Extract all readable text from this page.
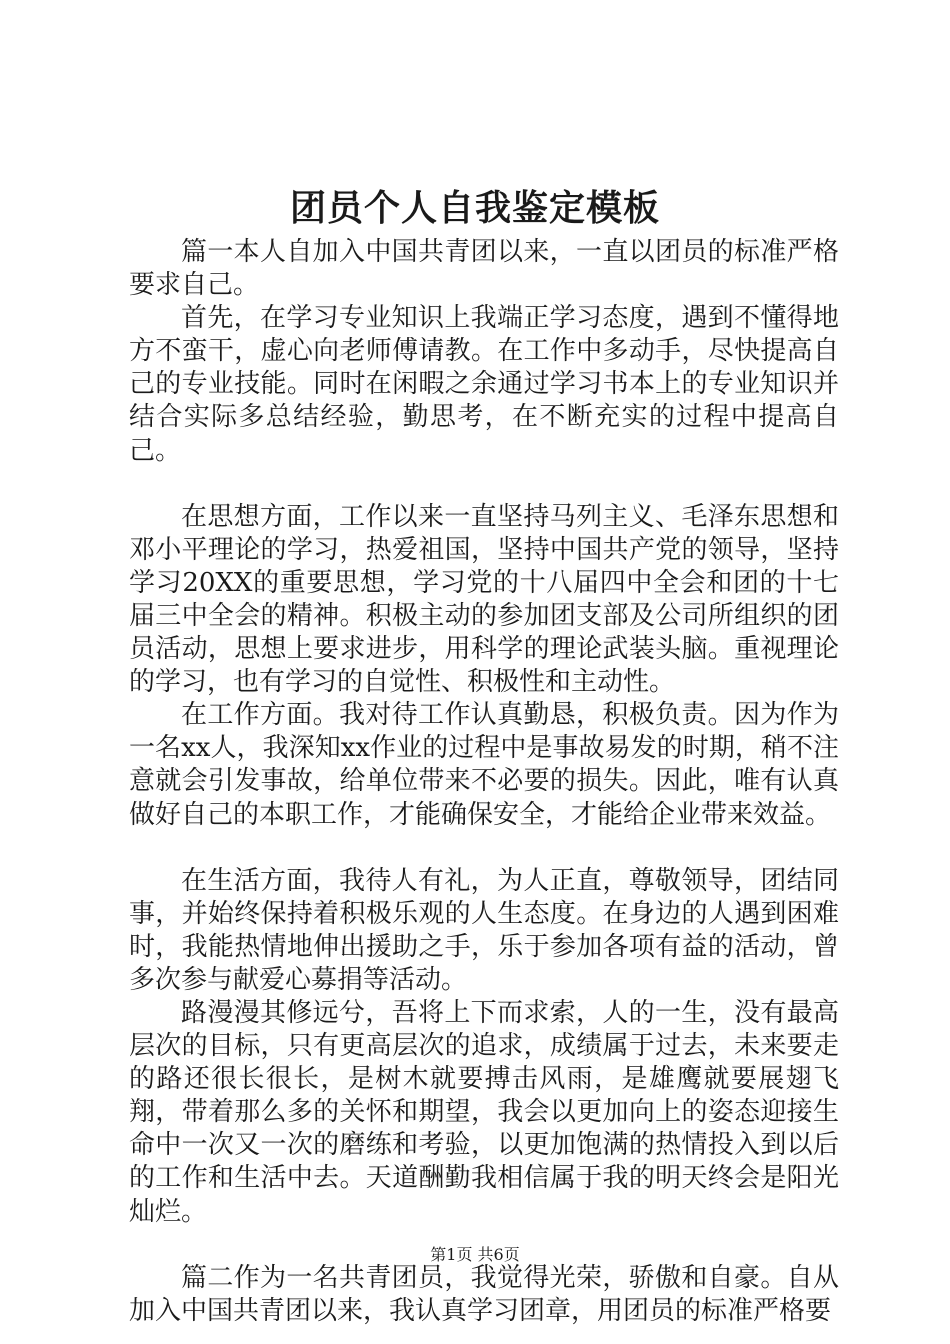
团员个人自我鉴定模板

篇一本人自加入中国共青团以来，一直以团员的标准严格要求自己。

首先，在学习专业知识上我端正学习态度，遇到不懂得地方不蛮干，虚心向老师傅请教。在工作中多动手，尽快提高自己的专业技能。同时在闲暇之余通过学习书本上的专业知识并结合实际多总结经验，勤思考，在不断充实的过程中提高自己。

在思想方面，工作以来一直坚持马列主义、毛泽东思想和邓小平理论的学习，热爱祖国，坚持中国共产党的领导，坚持学习20XX的重要思想，学习党的十八届四中全会和团的十七届三中全会的精神。积极主动的参加团支部及公司所组织的团员活动，思想上要求进步，用科学的理论武装头脑。重视理论的学习，也有学习的自觉性、积极性和主动性。

在工作方面。我对待工作认真勤恳，积极负责。因为作为一名xx人，我深知xx作业的过程中是事故易发的时期，稍不注意就会引发事故，给单位带来不必要的损失。因此，唯有认真做好自己的本职工作，才能确保安全，才能给企业带来效益。

在生活方面，我待人有礼，为人正直，尊敬领导，团结同事，并始终保持着积极乐观的人生态度。在身边的人遇到困难时，我能热情地伸出援助之手，乐于参加各项有益的活动，曾多次参与献爱心募捐等活动。

路漫漫其修远兮，吾将上下而求索，人的一生，没有最高层次的目标，只有更高层次的追求，成绩属于过去，未来要走的路还很长很长，是树木就要搏击风雨，是雄鹰就要展翅飞翔，带着那么多的关怀和期望，我会以更加向上的姿态迎接生命中一次又一次的磨练和考验，以更加饱满的热情投入到以后的工作和生活中去。天道酬勤我相信属于我的明天终会是阳光灿烂。

篇二作为一名共青团员，我觉得光荣，骄傲和自豪。自从加入中国共青团以来，我认真学习团章，用团员的标准严格要

第1页 共6页
